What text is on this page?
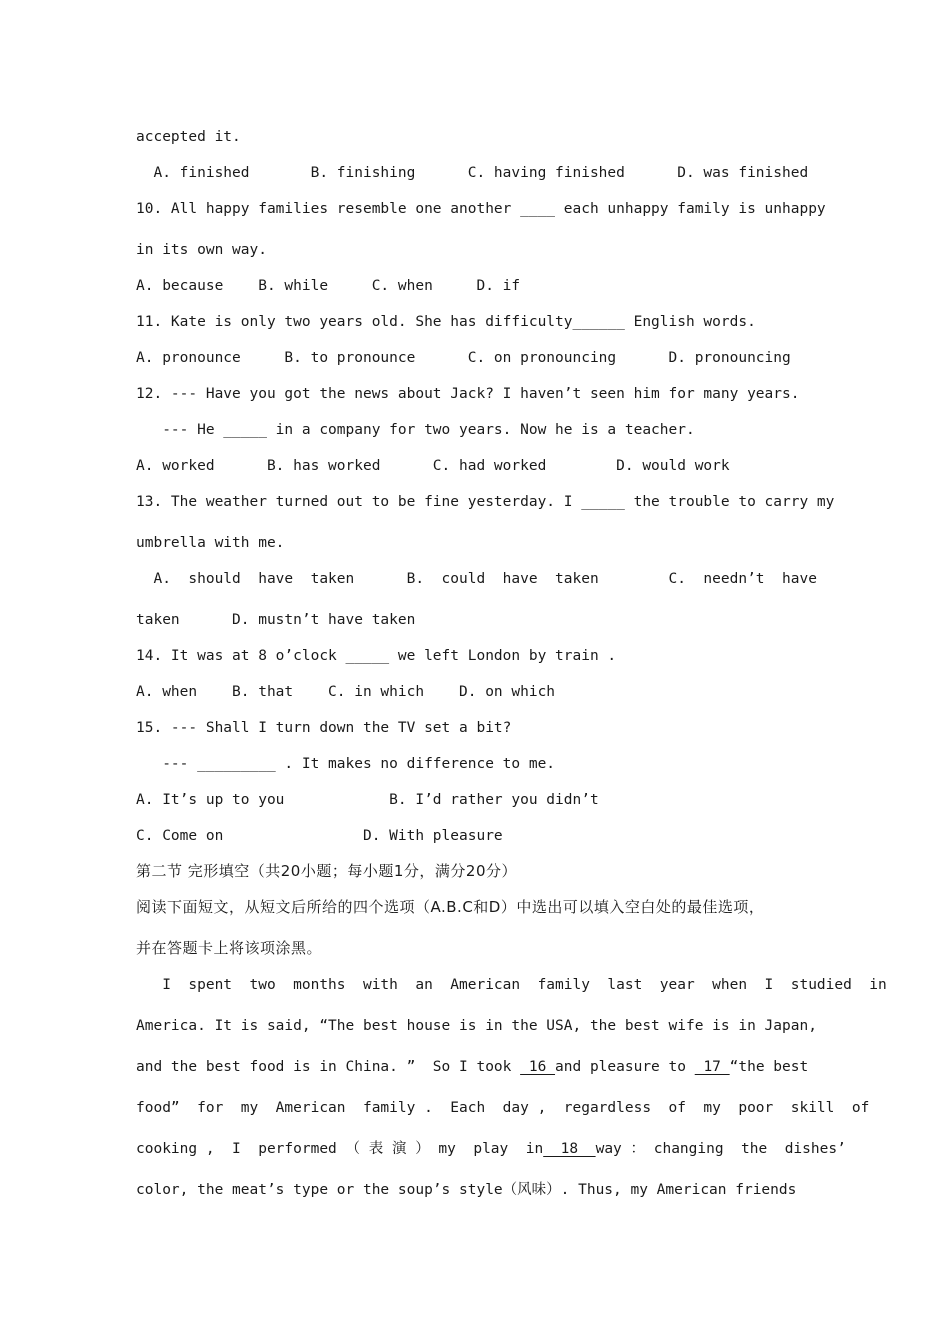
accepted it.
A. finished       B. finishing      C. having finished      D. was finished
10. All happy families resemble one another ____ each unhappy family is unhappy
in its own way.
A. because    B. while     C. when     D. if
11. Kate is only two years old. She has difficulty______ English words.
A. pronounce     B. to pronounce      C. on pronouncing      D. pronouncing
12. --- Have you got the news about Jack? I haven’t seen him for many years.
--- He _____ in a company for two years. Now he is a teacher.
A. worked      B. has worked      C. had worked        D. would work
13. The weather turned out to be fine yesterday. I _____ the trouble to carry my
umbrella with me.
A.  should  have  taken      B.  could  have  taken        C.  needn’t  have
taken      D. mustn’t have taken
14. It was at 8 o’clock _____ we left London by train .
A. when    B. that    C. in which    D. on which
15. --- Shall I turn down the TV set a bit?
--- _________ . It makes no difference to me.
A. It’s up to you            B. I’d rather you didn’t
C. Come on                D. With pleasure
第二节 完形填空（共20小题；每小题1分，满分20分）
阅读下面短文，从短文后所给的四个选项（A.B.C和D）中选出可以填入空白处的最佳选项，
并在答题卡上将该项涂黑。
I  spent  two  months  with  an  American  family  last  year  when  I  studied  in
America. It is said, “The best house is in the USA, the best wife is in Japan,
and the best food is in China. ”  So I took  16 and pleasure to  17 “the best
food”  for  my  American  family .  Each  day ,  regardless  of  my  poor  skill  of
cooking ,  I  performed （ 表 演 ） my  play  in  18  way ： changing  the  dishes’
color, the meat’s type or the soup’s style（风味）. Thus, my American friends
